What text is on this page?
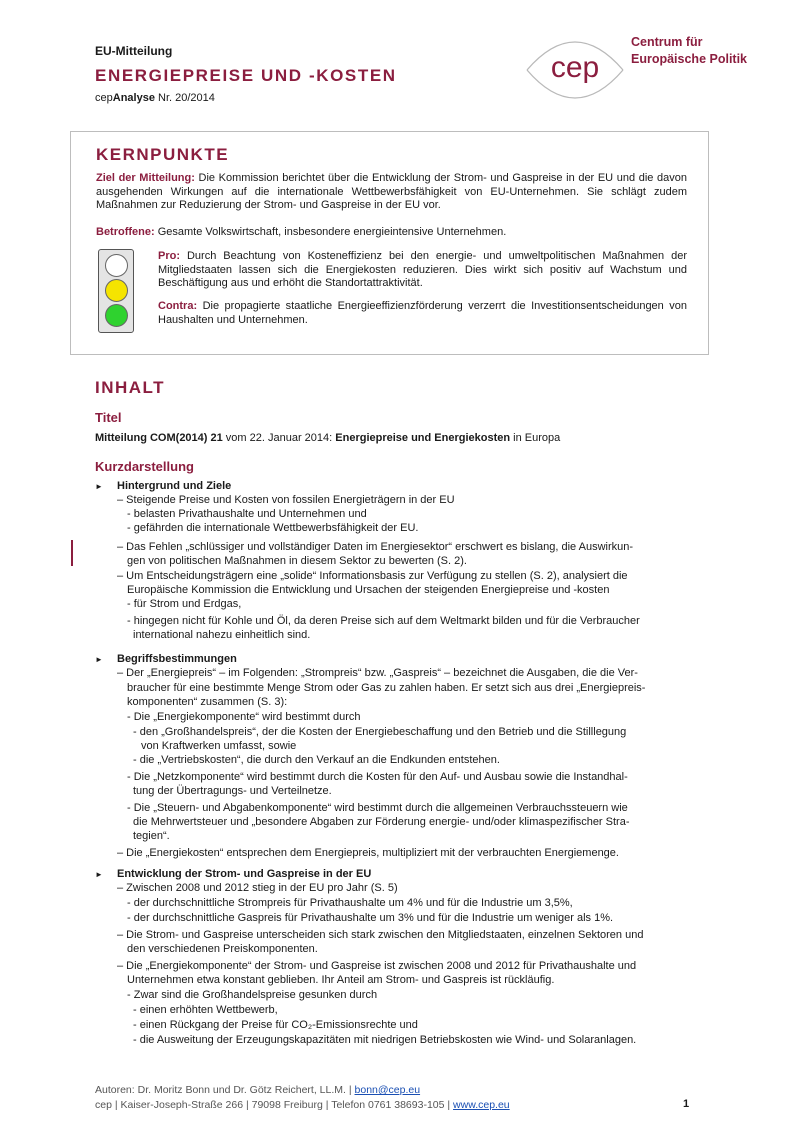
EU-Mitteilung
ENERGIEPREISE UND -KOSTEN
cepAnalyse Nr. 20/2014
cep
Centrum für
Europäische Politik
KERNPUNKTE
Ziel der Mitteilung: Die Kommission berichtet über die Entwicklung der Strom- und Gaspreise in der EU und die davon ausgehenden Wirkungen auf die internationale Wettbewerbsfähigkeit von EU-Unternehmen. Sie schlägt zudem Maßnahmen zur Reduzierung der Strom- und Gaspreise in der EU vor.
Betroffene: Gesamte Volkswirtschaft, insbesondere energieintensive Unternehmen.
Pro: Durch Beachtung von Kosteneffizienz bei den energie- und umweltpolitischen Maßnahmen der Mitgliedstaaten lassen sich die Energiekosten reduzieren. Dies wirkt sich positiv auf Wachstum und Beschäftigung aus und erhöht die Standortattraktivität.
Contra: Die propagierte staatliche Energieeffizienzförderung verzerrt die Investitionsentscheidungen von Haushalten und Unternehmen.
INHALT
Titel
Mitteilung COM(2014) 21 vom 22. Januar 2014: Energiepreise und Energiekosten in Europa
Kurzdarstellung
► Hintergrund und Ziele
– Steigende Preise und Kosten von fossilen Energieträgern in der EU
- belasten Privathaushalte und Unternehmen und
- gefährden die internationale Wettbewerbsfähigkeit der EU.
– Das Fehlen „schlüssiger und vollständiger Daten im Energiesektor“ erschwert es bislang, die Auswirkun-
gen von politischen Maßnahmen in diesem Sektor zu bewerten (S. 2).
– Um Entscheidungsträgern eine „solide“ Informationsbasis zur Verfügung zu stellen (S. 2), analysiert die
Europäische Kommission die Entwicklung und Ursachen der steigenden Energiepreise und -kosten
- für Strom und Erdgas,
- hingegen nicht für Kohle und Öl, da deren Preise sich auf dem Weltmarkt bilden und für die Verbraucher
international nahezu einheitlich sind.
► Begriffsbestimmungen
– Der „Energiepreis“ – im Folgenden: „Strompreis“ bzw. „Gaspreis“ – bezeichnet die Ausgaben, die die Ver-
braucher für eine bestimmte Menge Strom oder Gas zu zahlen haben. Er setzt sich aus drei „Energiepreis-
komponenten“ zusammen (S. 3):
- Die „Energiekomponente“ wird bestimmt durch
- den „Großhandelspreis“, der die Kosten der Energiebeschaffung und den Betrieb und die Stilllegung
von Kraftwerken umfasst, sowie
- die „Vertriebskosten“, die durch den Verkauf an die Endkunden entstehen.
- Die „Netzkomponente“ wird bestimmt durch die Kosten für den Auf- und Ausbau sowie die Instandhal-
tung der Übertragungs- und Verteilnetze.
- Die „Steuern- und Abgabenkomponente“ wird bestimmt durch die allgemeinen Verbrauchssteuern wie
die Mehrwertsteuer und „besondere Abgaben zur Förderung energie- und/oder klimaspezifischer Stra-
tegien“.
– Die „Energiekosten“ entsprechen dem Energiepreis, multipliziert mit der verbrauchten Energiemenge.
► Entwicklung der Strom- und Gaspreise in der EU
– Zwischen 2008 und 2012 stieg in der EU pro Jahr (S. 5)
- der durchschnittliche Strompreis für Privathaushalte um 4% und für die Industrie um 3,5%,
- der durchschnittliche Gaspreis für Privathaushalte um 3% und für die Industrie um weniger als 1%.
– Die Strom- und Gaspreise unterscheiden sich stark zwischen den Mitgliedstaaten, einzelnen Sektoren und
den verschiedenen Preiskomponenten.
– Die „Energiekomponente“ der Strom- und Gaspreise ist zwischen 2008 und 2012 für Privathaushalte und
Unternehmen etwa konstant geblieben. Ihr Anteil am Strom- und Gaspreis ist rückläufig.
- Zwar sind die Großhandelspreise gesunken durch
- einen erhöhten Wettbewerb,
- einen Rückgang der Preise für CO₂-Emissionsrechte und
- die Ausweitung der Erzeugungskapazitäten mit niedrigen Betriebskosten wie Wind- und Solaranlagen.
Autoren: Dr. Moritz Bonn und Dr. Götz Reichert, LL.M. | bonn@cep.eu
cep | Kaiser-Joseph-Straße 266 | 79098 Freiburg | Telefon 0761 38693-105 | www.cep.eu	1
